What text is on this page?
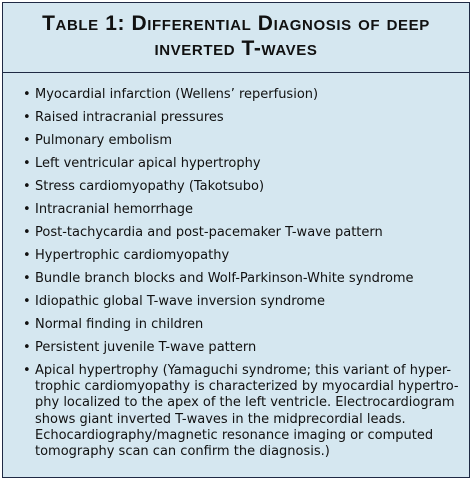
Table 1: Differential Diagnosis of deep
inverted T-waves
• Myocardial infarction (Wellens’ reperfusion)
• Raised intracranial pressures
• Pulmonary embolism
• Left ventricular apical hypertrophy
• Stress cardiomyopathy (Takotsubo)
• Intracranial hemorrhage
• Post-tachycardia and post-pacemaker T-wave pattern
• Hypertrophic cardiomyopathy
• Bundle branch blocks and Wolf-Parkinson-White syndrome
• Idiopathic global T-wave inversion syndrome
• Normal finding in children
• Persistent juvenile T-wave pattern
• Apical hypertrophy (Yamaguchi syndrome; this variant of hyper-
trophic cardiomyopathy is characterized by myocardial hypertro-
phy localized to the apex of the left ventricle. Electrocardiogram
shows giant inverted T-waves in the midprecordial leads.
Echocardiography/magnetic resonance imaging or computed
tomography scan can confirm the diagnosis.)
